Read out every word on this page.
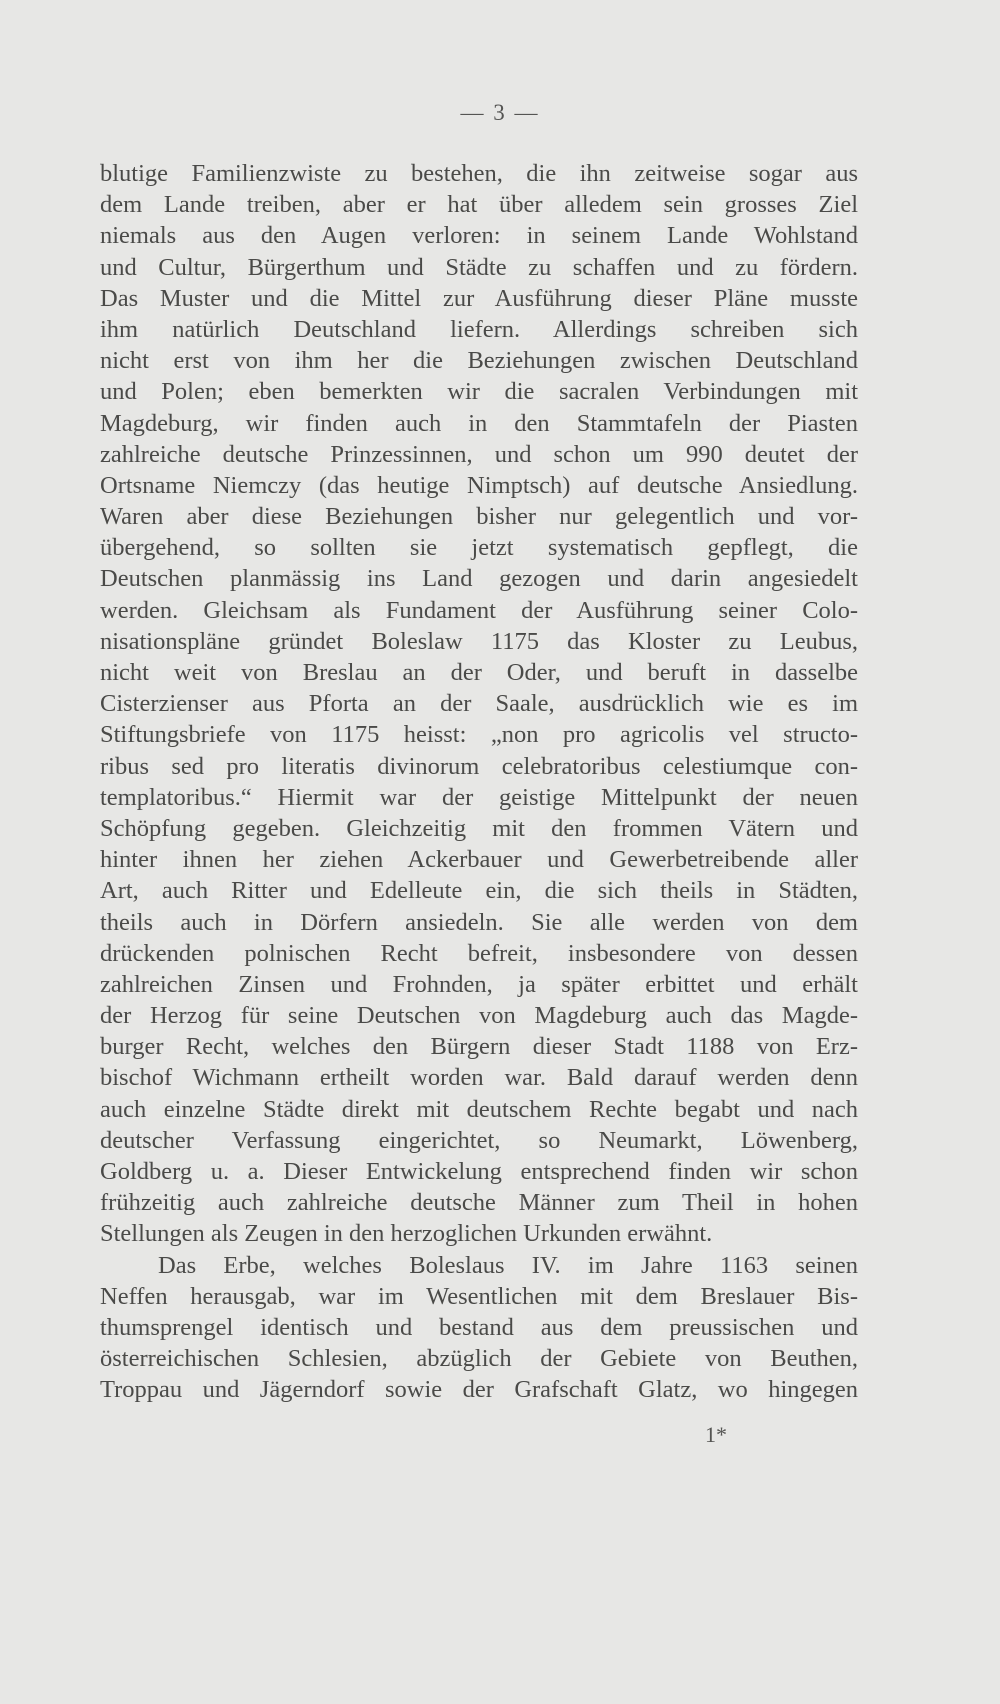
— 3 —
blutige Familienzwiste zu bestehen, die ihn zeitweise sogar aus
dem Lande treiben, aber er hat über alledem sein grosses Ziel
niemals aus den Augen verloren: in seinem Lande Wohlstand
und Cultur, Bürgerthum und Städte zu schaffen und zu fördern.
Das Muster und die Mittel zur Ausführung dieser Pläne musste
ihm natürlich Deutschland liefern. Allerdings schreiben sich
nicht erst von ihm her die Beziehungen zwischen Deutschland
und Polen; eben bemerkten wir die sacralen Verbindungen mit
Magdeburg, wir finden auch in den Stammtafeln der Piasten
zahlreiche deutsche Prinzessinnen, und schon um 990 deutet der
Ortsname Niemczy (das heutige Nimptsch) auf deutsche Ansiedlung.
Waren aber diese Beziehungen bisher nur gelegentlich und vor-
übergehend, so sollten sie jetzt systematisch gepflegt, die
Deutschen planmässig ins Land gezogen und darin angesiedelt
werden. Gleichsam als Fundament der Ausführung seiner Colo-
nisationspläne gründet Boleslaw 1175 das Kloster zu Leubus,
nicht weit von Breslau an der Oder, und beruft in dasselbe
Cisterzienser aus Pforta an der Saale, ausdrücklich wie es im
Stiftungsbriefe von 1175 heisst: „non pro agricolis vel structo-
ribus sed pro literatis divinorum celebratoribus celestiumque con-
templatoribus.“ Hiermit war der geistige Mittelpunkt der neuen
Schöpfung gegeben. Gleichzeitig mit den frommen Vätern und
hinter ihnen her ziehen Ackerbauer und Gewerbetreibende aller
Art, auch Ritter und Edelleute ein, die sich theils in Städten,
theils auch in Dörfern ansiedeln. Sie alle werden von dem
drückenden polnischen Recht befreit, insbesondere von dessen
zahlreichen Zinsen und Frohnden, ja später erbittet und erhält
der Herzog für seine Deutschen von Magdeburg auch das Magde-
burger Recht, welches den Bürgern dieser Stadt 1188 von Erz-
bischof Wichmann ertheilt worden war. Bald darauf werden denn
auch einzelne Städte direkt mit deutschem Rechte begabt und nach
deutscher Verfassung eingerichtet, so Neumarkt, Löwenberg,
Goldberg u. a. Dieser Entwickelung entsprechend finden wir schon
frühzeitig auch zahlreiche deutsche Männer zum Theil in hohen
Stellungen als Zeugen in den herzoglichen Urkunden erwähnt.
Das Erbe, welches Boleslaus IV. im Jahre 1163 seinen
Neffen herausgab, war im Wesentlichen mit dem Breslauer Bis-
thumsprengel identisch und bestand aus dem preussischen und
österreichischen Schlesien, abzüglich der Gebiete von Beuthen,
Troppau und Jägerndorf sowie der Grafschaft Glatz, wo hingegen
1*
